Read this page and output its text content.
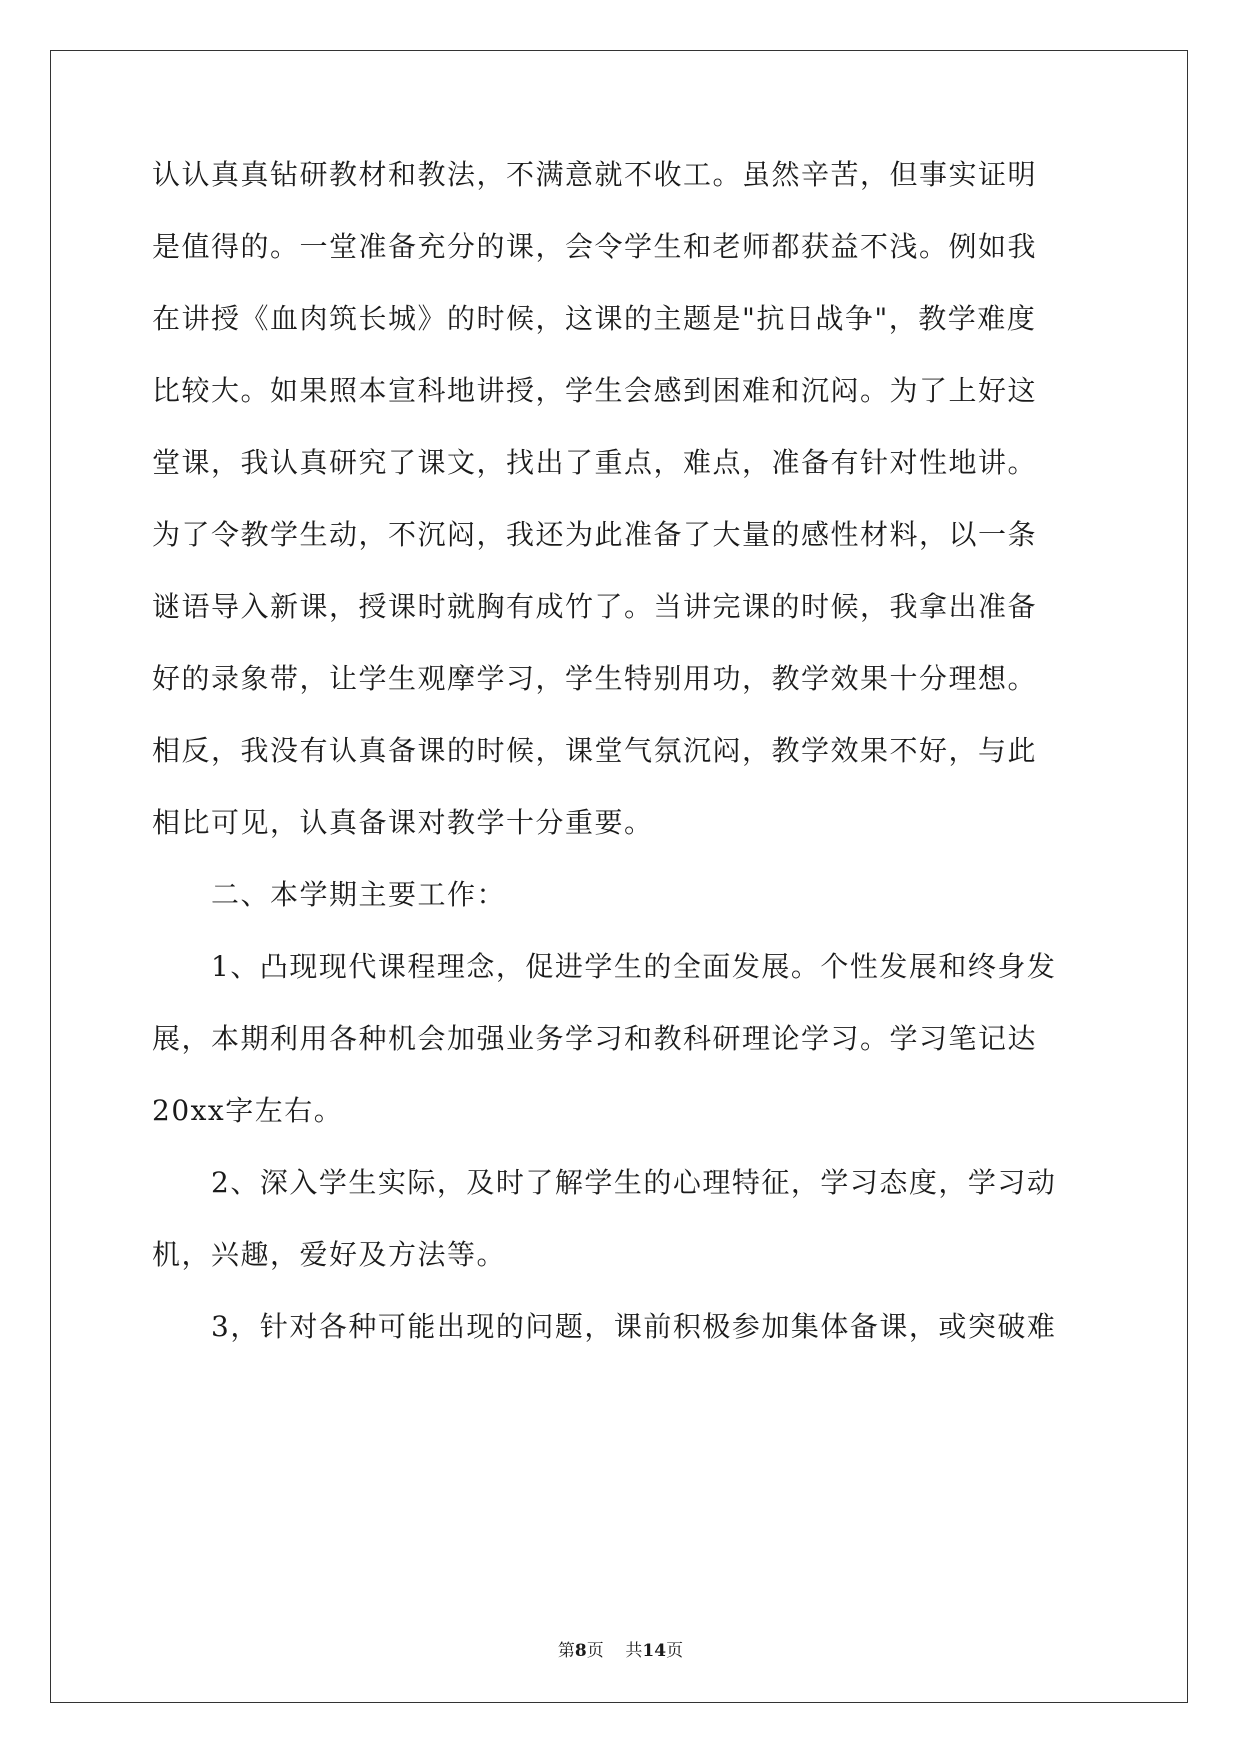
认认真真钻研教材和教法，不满意就不收工。虽然辛苦，但事实证明
是值得的。一堂准备充分的课，会令学生和老师都获益不浅。例如我
在讲授《血肉筑长城》的时候，这课的主题是"抗日战争"，教学难度
比较大。如果照本宣科地讲授，学生会感到困难和沉闷。为了上好这
堂课，我认真研究了课文，找出了重点，难点，准备有针对性地讲。
为了令教学生动，不沉闷，我还为此准备了大量的感性材料，以一条
谜语导入新课，授课时就胸有成竹了。当讲完课的时候，我拿出准备
好的录象带，让学生观摩学习，学生特别用功，教学效果十分理想。
相反，我没有认真备课的时候，课堂气氛沉闷，教学效果不好，与此
相比可见，认真备课对教学十分重要。
　　二、本学期主要工作：
　　1、凸现现代课程理念，促进学生的全面发展。个性发展和终身发
展，本期利用各种机会加强业务学习和教科研理论学习。学习笔记达
20xx字左右。
　　2、深入学生实际，及时了解学生的心理特征，学习态度，学习动
机，兴趣，爱好及方法等。
　　3，针对各种可能出现的问题，课前积极参加集体备课，或突破难
第8页 共14页
